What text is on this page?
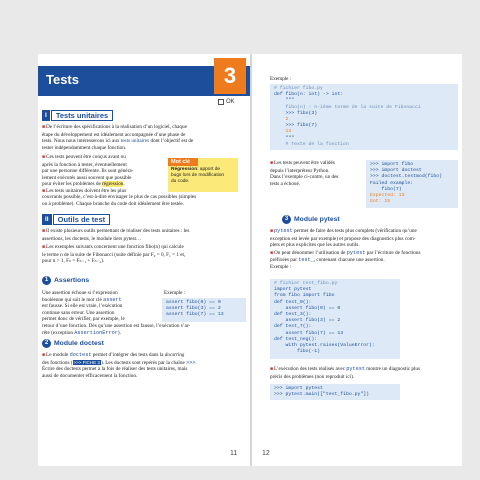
Tests	3
OK
I	Tests unitaires
■De l’écriture des spécifications à la réalisation d’un logiciel, chaque
étape du développement est idéalement accompagnée d’une phase de
tests. Nous nous intéresserons ici aux tests unitaires dont l’objectif est de
tester indépendamment chaque fonction.
■Ces tests peuvent être conçus avant ou
après la fonction à tester, éventuellement
par une personne différente. Ils sont généra-
lement exécutés aussi souvent que possible
pour éviter les problèmes de régression.
■Les tests unitaires doivent être les plus
Mot clé
Régression: apport de
bugs lors de modification
du code.
couvrants possible, c’est-à-dire envisager le plus de cas possibles (simples
ou à problème). Chaque branche du code doit idéalement être testée.
II	Outils de test
■Il existe plusieurs outils permettant de réaliser des tests unitaires : les
assertions, les doctests, le module tiers pytest…
■Les exemples suivants concernent une fonction fibo(n) qui calcule
le terme n de la suite de Fibonacci (suite définie par F₀ = 0, F₁ = 1 et,
pour n > 1, Fₙ = Fₙ₋₁ + Fₙ₋₂).
1 Assertions
Une assertion échoue si l’expression
booléenne qui suit le mot clé assert
est fausse. Si elle est vraie, l’exécution
continue sans erreur. Une assertion
permet donc de vérifier, par exemple, le
retour d’une fonction. Dès qu’une assertion est fausse, l’exécution s’ar-
rête (exception AssertionError).
Exemple :
assert fibo(0) == 0
assert fibo(3) == 2
assert fibo(7) == 13
2 Module doctest
■Le module doctest permet d’intégrer des tests dans la docstring
des fonctions (>>> FICHE 3). Les doctests sont repérés par la chaîne >>>.
Écrire des doctests permet à la fois de réaliser des tests unitaires, mais
aussi de documenter efficacement la fonction.
Exemple :
# fichier fibo.py
def fibo(n: int) -> int:
"""
fibo(n) : n-ième terme de la suite de Fibonacci
>>> fibo(3)
2
>>> fibo(7)
13
"""
# Texte de la fonction
■Les tests peuvent être validés
depuis l’interpréteur Python.
Dans l’exemple ci-contre, un des
tests a échoué.
>>> import fibo
>>> import doctest
>>> doctest.testmod(fibo)
Failed example:
fibo(7)
Expected: 13
Got: 15
3 Module pytest
■pytest permet de faire des tests plus complets (vérification qu’une
exception est levée par exemple) et propose des diagnostics plus com-
plets et plus explicites que les autres outils.
■On peut dénommer l’utilisation de pytest par l’écriture de fonctions
préfixées par test_, contenant chacune une assertion.
Exemple :
# fichier test_fibo.py
import pytest
from fibo import fibo
def test_0():
assert fibo(0) == 0
def test_3():
assert fibo(3) == 2
def test_7():
assert fibo(7) == 13
def test_neg():
with pytest.raises(ValueError):
fibo(-1)
■L’exécution des tests réalisés avec pytest montre un diagnostic plus
précis des problèmes (non reproduit ici).
>>> import pytest
>>> pytest.main(["test_fibo.py"])
11	12
